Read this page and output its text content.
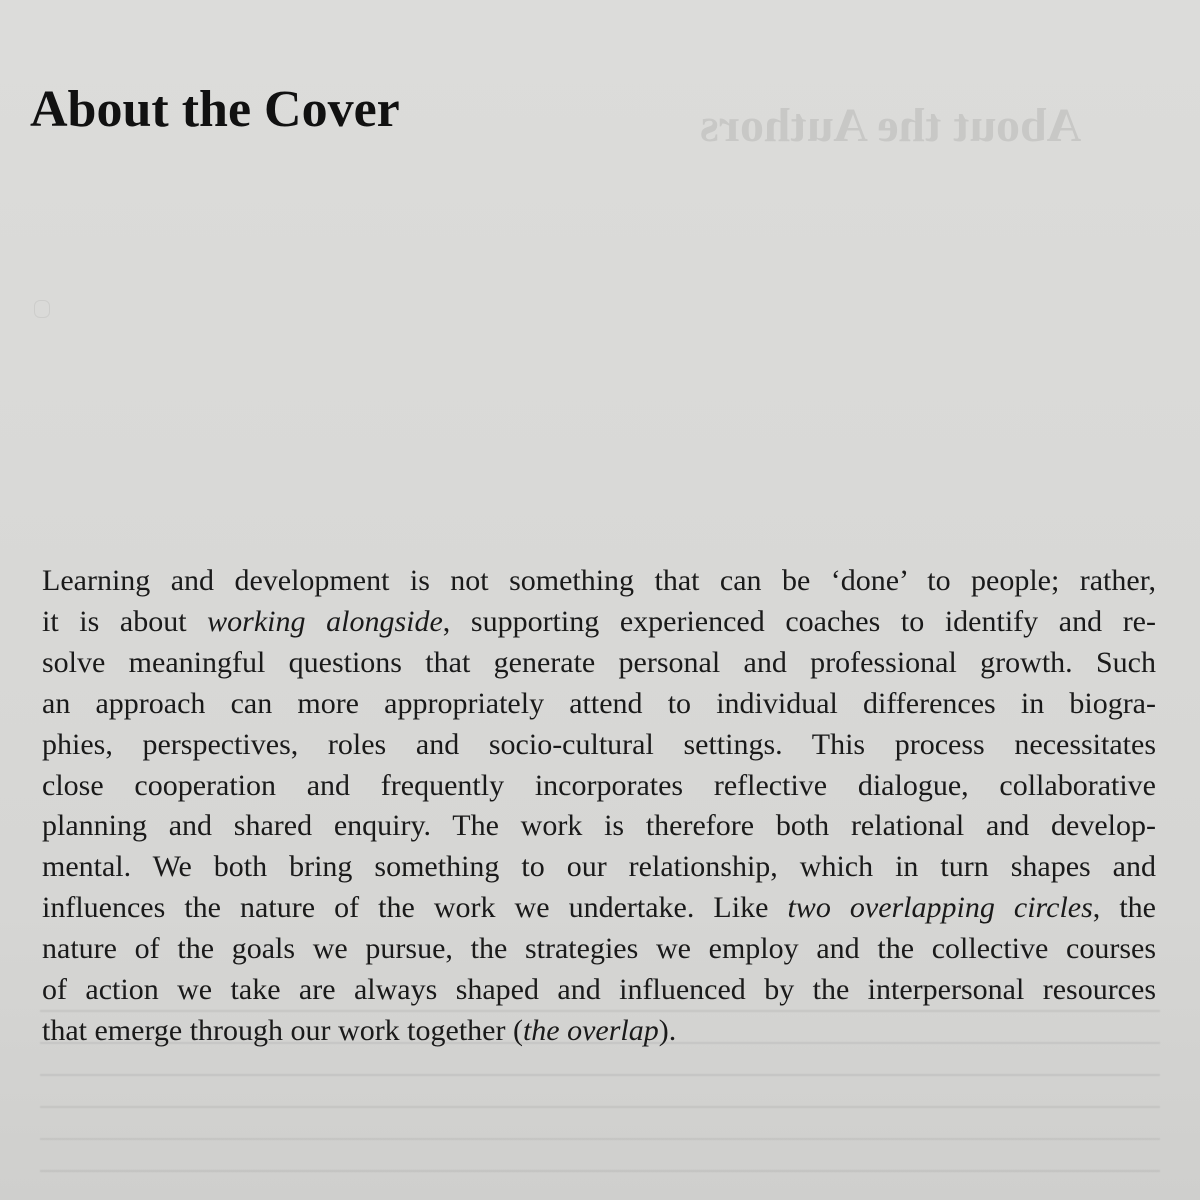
About the Authors
About the Cover
Learning and development is not something that can be ‘done’ to people; rather,
it is about working alongside, supporting experienced coaches to identify and re-
solve meaningful questions that generate personal and professional growth. Such
an approach can more appropriately attend to individual differences in biogra-
phies, perspectives, roles and socio-cultural settings. This process necessitates
close cooperation and frequently incorporates reflective dialogue, collaborative
planning and shared enquiry. The work is therefore both relational and develop-
mental. We both bring something to our relationship, which in turn shapes and
influences the nature of the work we undertake. Like two overlapping circles, the
nature of the goals we pursue, the strategies we employ and the collective courses
of action we take are always shaped and influenced by the interpersonal resources
that emerge through our work together (the overlap).
